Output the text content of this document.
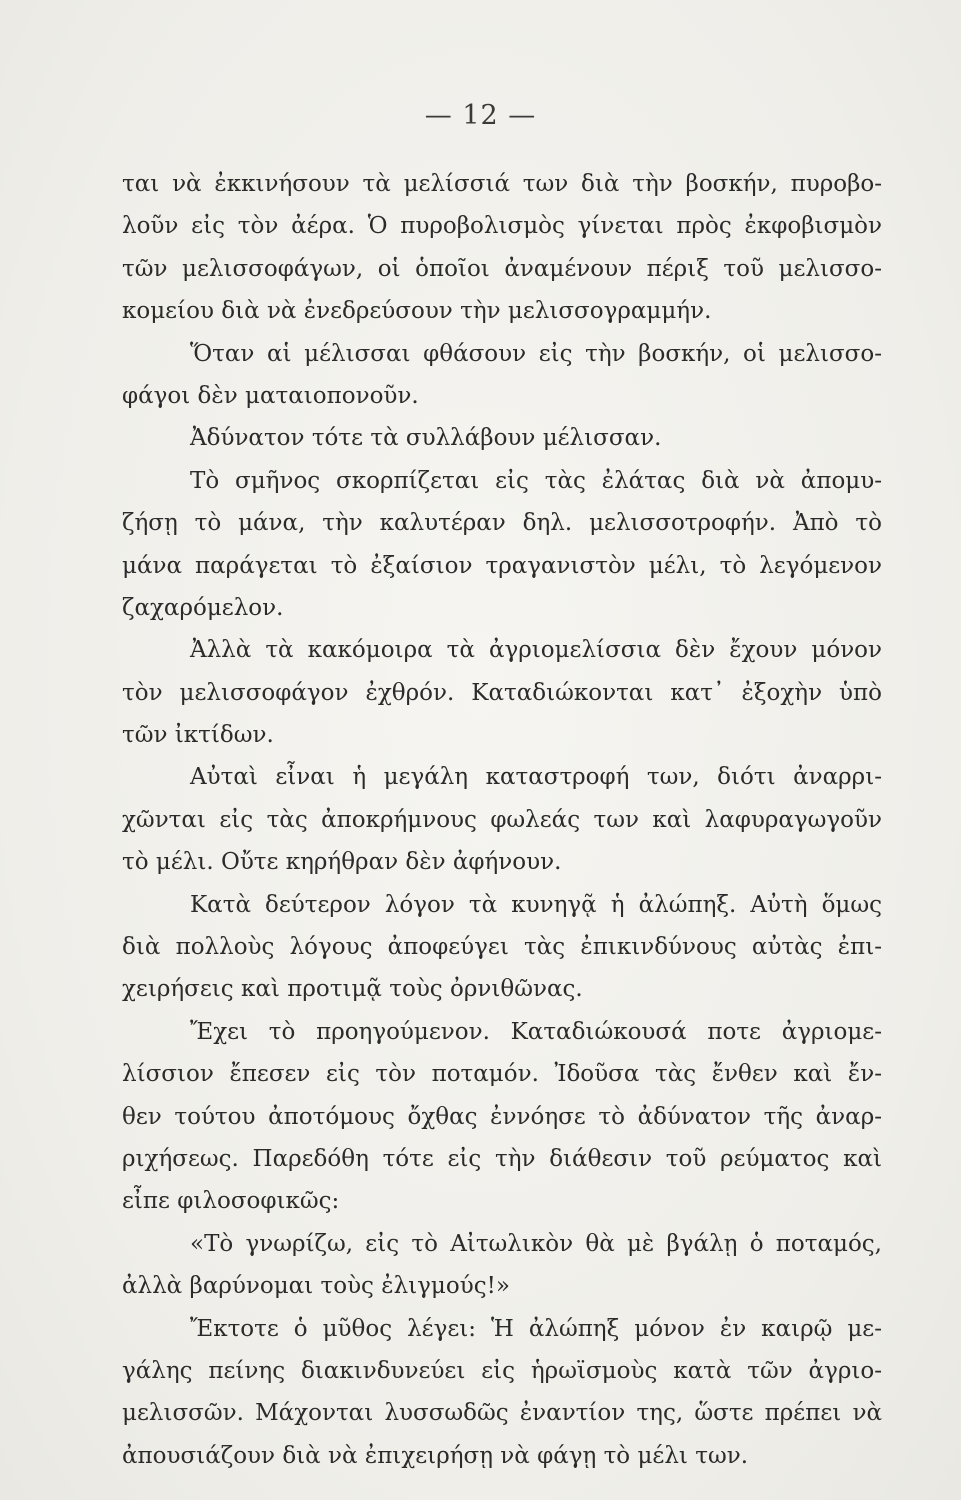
— 12 —
ται νὰ ἐκκινήσουν τὰ μελίσσιά των διὰ τὴν βοσκήν, πυροβο-
λοῦν εἰς τὸν ἀέρα. Ὁ πυροβολισμὸς γίνεται πρὸς ἐκφοβισμὸν
τῶν μελισσοφάγων, οἱ ὁποῖοι ἀναμένουν πέριξ τοῦ μελισσο-
κομείου διὰ νὰ ἐνεδρεύσουν τὴν μελισσογραμμήν.
Ὅταν αἱ μέλισσαι φθάσουν εἰς τὴν βοσκήν, οἱ μελισσο-
φάγοι δὲν ματαιοπονοῦν.
Ἀδύνατον τότε τὰ συλλάβουν μέλισσαν.
Τὸ σμῆνος σκορπίζεται εἰς τὰς ἐλάτας διὰ νὰ ἀπομυ-
ζήσῃ τὸ μάνα, τὴν καλυτέραν δηλ. μελισσοτροφήν. Ἀπὸ τὸ
μάνα παράγεται τὸ ἐξαίσιον τραγανιστὸν μέλι, τὸ λεγόμενον
ζαχαρόμελον.
Ἀλλὰ τὰ κακόμοιρα τὰ ἀγριομελίσσια δὲν ἔχουν μόνον
τὸν μελισσοφάγον ἐχθρόν. Καταδιώκονται κατ᾽ ἐξοχὴν ὑπὸ
τῶν ἰκτίδων.
Αὐταὶ εἶναι ἡ μεγάλη καταστροφή των, διότι ἀναρρι-
χῶνται εἰς τὰς ἀποκρήμνους φωλεάς των καὶ λαφυραγωγοῦν
τὸ μέλι. Οὔτε κηρήθραν δὲν ἀφήνουν.
Κατὰ δεύτερον λόγον τὰ κυνηγᾷ ἡ ἀλώπηξ. Αὐτὴ ὅμως
διὰ πολλοὺς λόγους ἀποφεύγει τὰς ἐπικινδύνους αὐτὰς ἐπι-
χειρήσεις καὶ προτιμᾷ τοὺς ὀρνιθῶνας.
Ἔχει τὸ προηγούμενον. Καταδιώκουσά ποτε ἀγριομε-
λίσσιον ἔπεσεν εἰς τὸν ποταμόν. Ἰδοῦσα τὰς ἔνθεν καὶ ἔν-
θεν τούτου ἀποτόμους ὄχθας ἐννόησε τὸ ἀδύνατον τῆς ἀναρ-
ριχήσεως. Παρεδόθη τότε εἰς τὴν διάθεσιν τοῦ ρεύματος καὶ
εἶπε φιλοσοφικῶς:
«Τὸ γνωρίζω, εἰς τὸ Αἰτωλικὸν θὰ μὲ βγάλῃ ὁ ποταμός,
ἀλλὰ βαρύνομαι τοὺς ἐλιγμούς!»
Ἔκτοτε ὁ μῦθος λέγει: Ἡ ἀλώπηξ μόνον ἐν καιρῷ με-
γάλης πείνης διακινδυνεύει εἰς ἡρωϊσμοὺς κατὰ τῶν ἀγριο-
μελισσῶν. Μάχονται λυσσωδῶς ἐναντίον της, ὥστε πρέπει νὰ
ἀπουσιάζουν διὰ νὰ ἐπιχειρήσῃ νὰ φάγῃ τὸ μέλι των.
